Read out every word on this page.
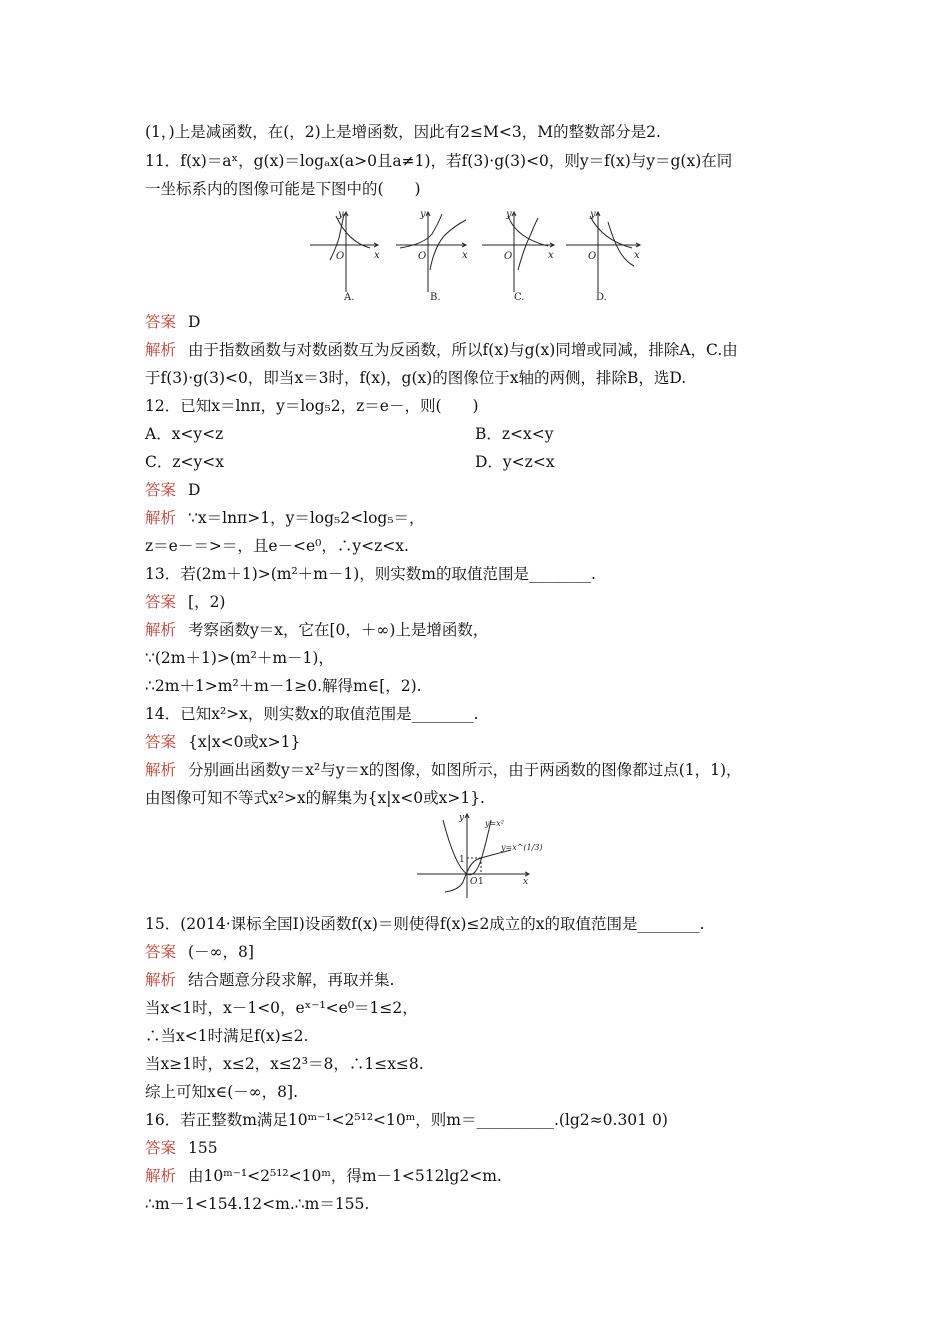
(1，)上是减函数，在(，2)上是增函数，因此有2≤M<3，M的整数部分是2.
11．f(x)＝aˣ，g(x)＝logₐx(a>0且a≠1)，若f(3)·g(3)<0，则y＝f(x)与y＝g(x)在同
一坐标系内的图像可能是下图中的(　　)
y
x
O
y
x
O
y
x
O
y
x
O
A.	B.	C.	D.
答案 D
解析 由于指数函数与对数函数互为反函数，所以f(x)与g(x)同增或同减，排除A，C.由
于f(3)·g(3)<0，即当x＝3时，f(x)，g(x)的图像位于x轴的两侧，排除B，选D.
12．已知x＝lnπ，y＝log₅2，z＝e－，则(　　)
A．x<y<z	B．z<x<y
C．z<y<x	D．y<z<x
答案 D
解析 ∵x＝lnπ>1，y＝log₅2<log₅＝，
z＝e－＝>＝，且e－<e⁰，∴y<z<x.
13．若(2m＋1)>(m²＋m－1)，则实数m的取值范围是________.
答案 [，2)
解析 考察函数y＝x，它在[0，＋∞)上是增函数，
∵(2m＋1)>(m²＋m－1)，
∴2m＋1>m²＋m－1≥0.解得m∈[，2).
14．已知x²>x，则实数x的取值范围是________.
答案 {x|x<0或x>1}
解析 分别画出函数y＝x²与y＝x的图像，如图所示，由于两函数的图像都过点(1，1)，
由图像可知不等式x²>x的解集为{x|x<0或x>1}.
y
x
O 1
1
y=x²
y=x^(1/3)
15．(2014·课标全国Ⅰ)设函数f(x)＝则使得f(x)≤2成立的x的取值范围是________.
答案 (－∞，8]
解析 结合题意分段求解，再取并集.
当x<1时，x－1<0，eˣ⁻¹<e⁰＝1≤2，
∴当x<1时满足f(x)≤2.
当x≥1时，x≤2，x≤2³＝8，∴1≤x≤8.
综上可知x∈(－∞，8].
16．若正整数m满足10ᵐ⁻¹<2⁵¹²<10ᵐ，则m＝__________.(lg2≈0.301 0)
答案 155
解析 由10ᵐ⁻¹<2⁵¹²<10ᵐ，得m－1<512lg2<m.
∴m－1<154.12<m.∴m＝155.
